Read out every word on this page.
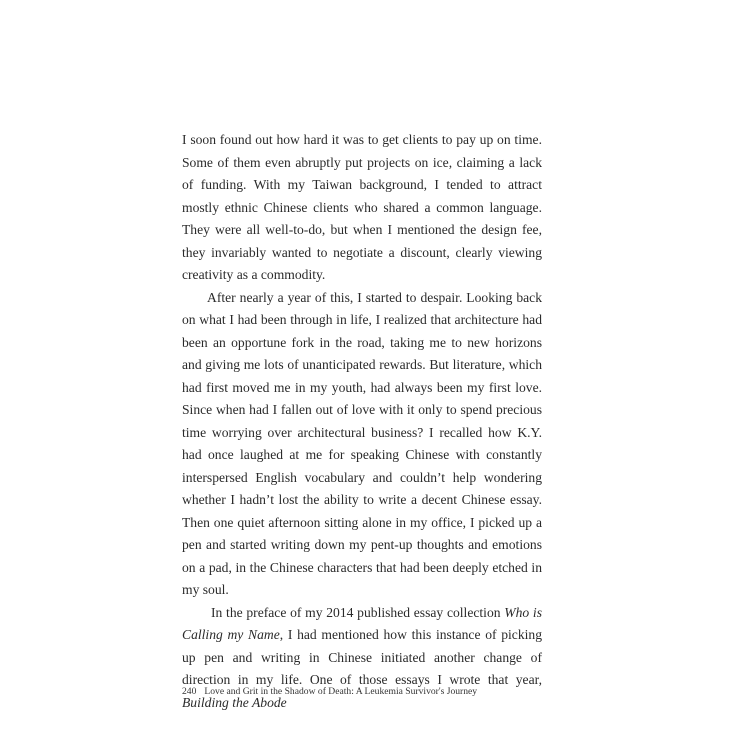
I soon found out how hard it was to get clients to pay up on time. Some of them even abruptly put projects on ice, claiming a lack of funding. With my Taiwan background, I tended to attract mostly ethnic Chinese clients who shared a common language. They were all well-to-do, but when I mentioned the design fee, they invariably wanted to negotiate a discount, clearly viewing creativity as a commodity.

After nearly a year of this, I started to despair. Looking back on what I had been through in life, I realized that architecture had been an opportune fork in the road, taking me to new horizons and giving me lots of unanticipated rewards. But literature, which had first moved me in my youth, had always been my first love. Since when had I fallen out of love with it only to spend precious time worrying over architectural business? I recalled how K.Y. had once laughed at me for speaking Chinese with constantly interspersed English vocabulary and couldn’t help wondering whether I hadn’t lost the ability to write a decent Chinese essay. Then one quiet afternoon sitting alone in my office, I picked up a pen and started writing down my pent-up thoughts and emotions on a pad, in the Chinese characters that had been deeply etched in my soul.

In the preface of my 2014 published essay collection Who is Calling my Name, I had mentioned how this instance of picking up pen and writing in Chinese initiated another change of direction in my life. One of those essays I wrote that year, Building the Abode

240 Love and Grit in the Shadow of Death: A Leukemia Survivor's Journey
